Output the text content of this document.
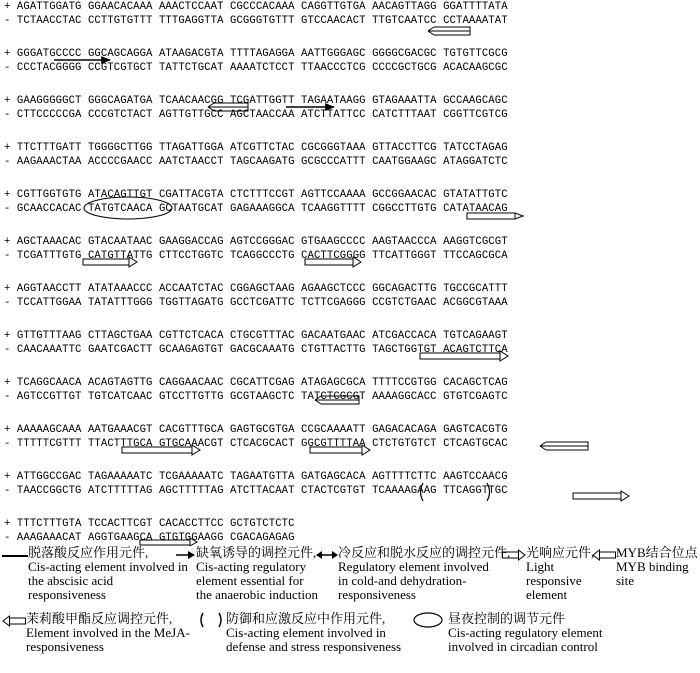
+ AGATTGGATG GGAACACAAA AAACTCCAAT CGCCCACAAA CAGGTTGTGA AACAGTTAGG GGATTTTATA
- TCTAACCTAC CCTTGTGTTT TTTGAGGTTA GCGGGTGTTT GTCCAACACT TTGTCAATCC CCTAAAATAT
+ GGGATGCCCC GGCAGCAGGA ATAAGACGTA TTTTAGAGGA AATTGGGAGC GGGGCGACGC TGTGTTCGCG
- CCCTACGGGG CCGTCGTGCT TATTCTGCAT AAAATCTCCT TTAACCCTCG CCCCGCTGCG ACACAAGCGC
+ GAAGGGGGCT GGGCAGATGA TCAACAACGG TCGATTGGTT TAGAATAAGG GTAGAAATTA GCCAAGCAGC
- CTTCCCCCGA CCCGTCTACT AGTTGTTGCC AGCTAACCAA ATCTTATTCC CATCTTTAAT CGGTTCGTCG
+ TTCTTTGATT TGGGGCTTGG TTAGATTGGA ATCGTTCTAC CGCGGGTAAA GTTACCTTCG TATCCTAGAG
- AAGAAACTAA ACCCCGAACC AATCTAACCT TAGCAAGATG GCGCCCATTT CAATGGAAGC ATAGGATCTC
+ CGTTGGTGTG ATACAGTTGT CGATTACGTA CTCTTTCCGT AGTTCCAAAA GCCGGAACAC GTATATTGTC
- GCAACCACAC TATGTCAACA GCTAATGCAT GAGAAAGGCA TCAAGGTTTT CGGCCTTGTG CATATAACAG
+ AGCTAAACAC GTACAATAAC GAAGGACCAG AGTCCGGGAC GTGAAGCCCC AAGTAACCCA AAGGTCGCGT
- TCGATTTGTG CATGTTATTG CTTCCTGGTC TCAGGCCCTG CACTTCGGGG TTCATTGGGT TTCCAGCGCA
+ AGGTAACCTT ATATAAACCC ACCAATCTAC CGGAGCTAAG AGAAGCTCCC GGCAGACTTG TGCCGCATTT
- TCCATTGGAA TATATTTGGG TGGTTAGATG GCCTCGATTC TCTTCGAGGG CCGTCTGAAC ACGGCGTAAA
+ GTTGTTTAAG CTTAGCTGAA CGTTCTCACA CTGCGTTTAC GACAATGAAC ATCGACCACA TGTCAGAAGT
- CAACAAATTC GAATCGACTT GCAAGAGTGT GACGCAAATG CTGTTACTTG TAGCTGGTGT ACAGTCTTCA
+ TCAGGCAACA ACAGTAGTTG CAGGAACAAC CGCATTCGAG ATAGAGCGCA TTTTCCGTGG CACAGCTCAG
- AGTCCGTTGT TGTCATCAAC GTCCTTGTTG GCGTAAGCTC TATCTCGCGT AAAAGGCACC GTGTCGAGTC
+ AAAAAGCAAA AATGAAACGT CACGTTTGCA GAGTGCGTGA CCGCAAAATT GAGACACAGA GAGTCACGTG
- TTTTTCGTTT TTACTTTGCA GTGCAAACGT CTCACGCACT GGCGTTTTAA CTCTGTGTCT CTCAGTGCAC
+ ATTGGCCGAC TAGAAAAATC TCGAAAAATC TAGAATGTTA GATGAGCACA AGTTTTCTTC AAGTCCAACG
- TAACCGGCTG ATCTTTTTAG AGCTTTTTAG ATCTTACAAT CTACTCGTGT TCAAAAGAAG TTCAGGTTGC
+ TTTCTTTGTA TCCACTTCGT CACACCTTCC GCTGTCTCTC
- AAAGAAACAT AGGTGAAGCA GTGTGGAAGG CGACAGAGAG
脱落酸反应作用元件,
Cis-acting element involved in the abscisic acid responsiveness
缺氧诱导的调控元件,
Cis-acting regulatory element essential for the anaerobic induction
冷反应和脱水反应的调控元件,
Regulatory element involved in cold-and dehydration-responsiveness
光响应元件,
Light responsive element
MYB结合位点
MYB binding site
茉莉酸甲酯反应调控元件,
Element involved in the MeJA-responsiveness
防御和应激反应中作用元件,
Cis-acting element involved in defense and stress responsiveness
昼夜控制的调节元件
Cis-acting regulatory element involved in circadian control
